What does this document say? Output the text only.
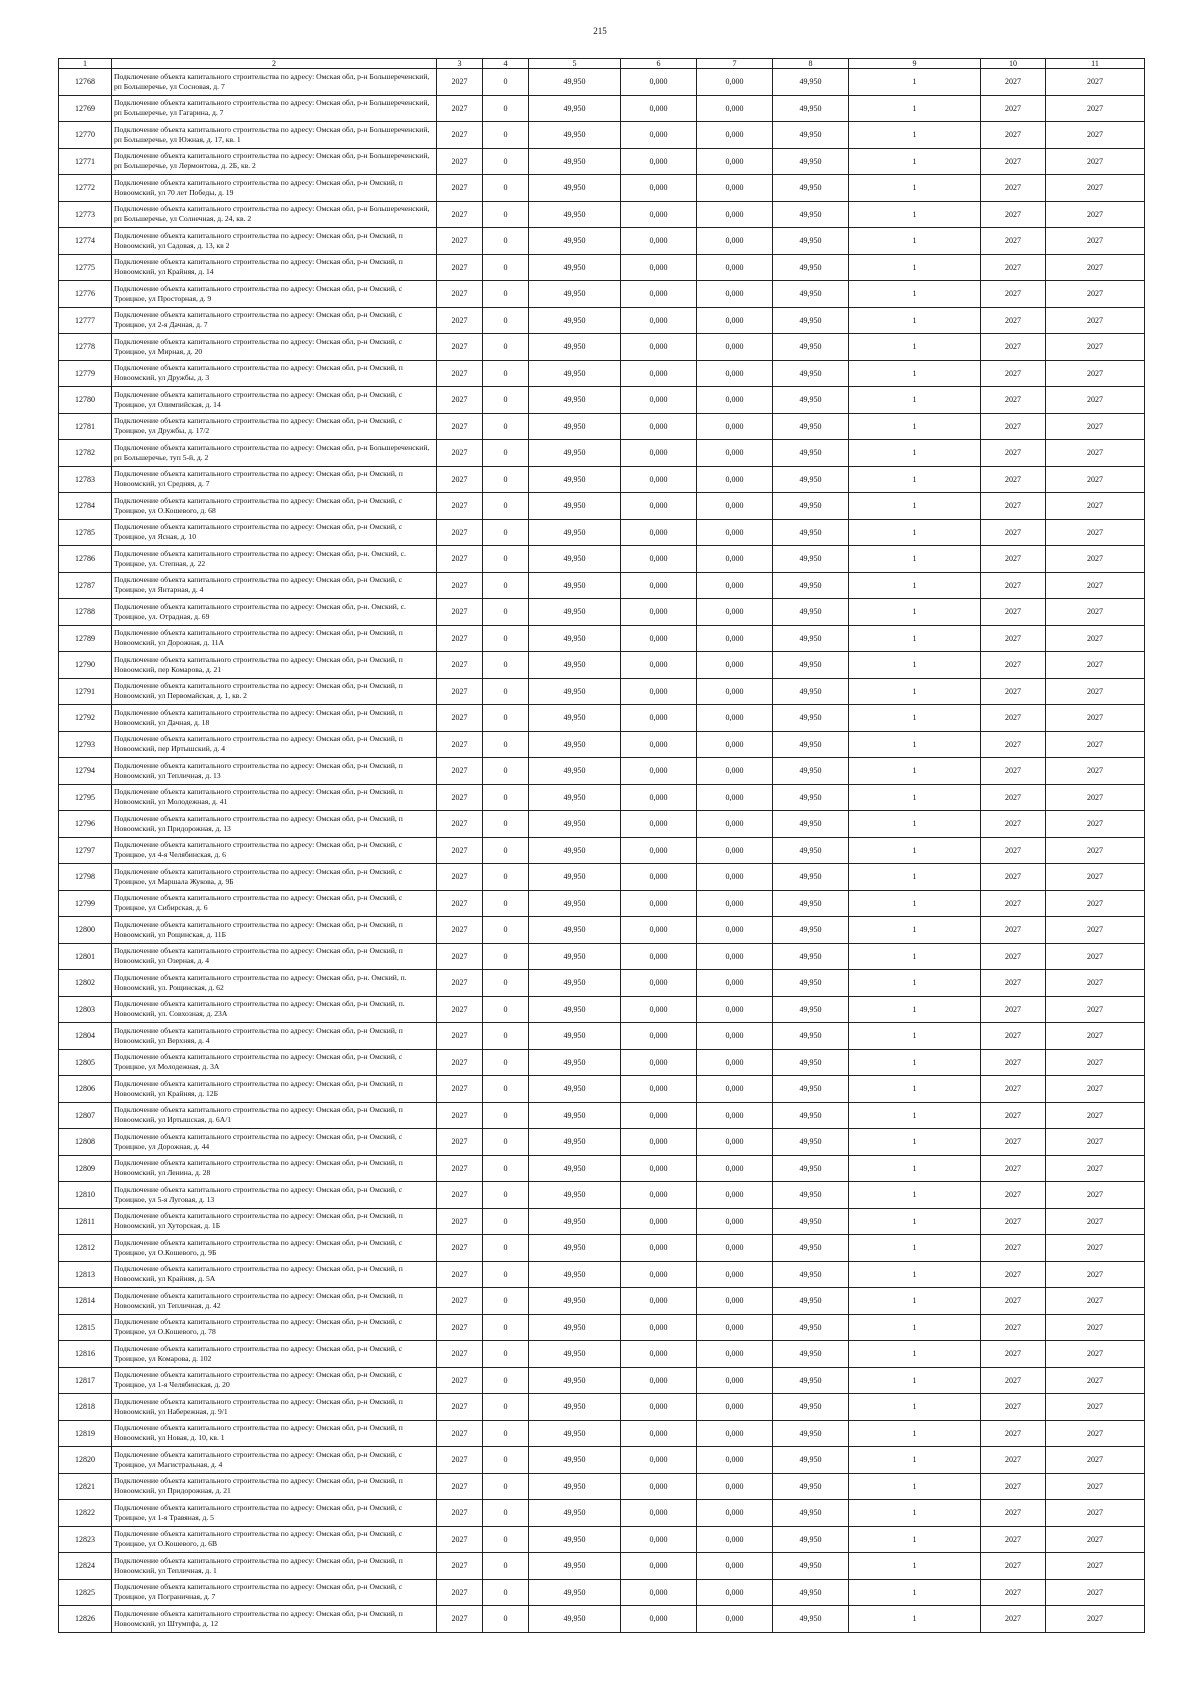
215
1	2	3	4	5	6	7	8	9	10	11
12768	Подключение объекта капитального строительства по адресу: Омская обл, р-н Большереченский, рп Большеречье, ул Сосновая, д. 7	2027	0	49,950	0,000	0,000	49,950	1	2027	2027
12769	Подключение объекта капитального строительства по адресу: Омская обл, р-н Большереченский, рп Большеречье, ул Гагарина, д. 7	2027	0	49,950	0,000	0,000	49,950	1	2027	2027
12770	Подключение объекта капитального строительства по адресу: Омская обл, р-н Большереченский, рп Большеречье, ул Южная, д. 17, кв. 1	2027	0	49,950	0,000	0,000	49,950	1	2027	2027
12771	Подключение объекта капитального строительства по адресу: Омская обл, р-н Большереченский, рп Большеречье, ул Лермонтова, д. 2Б, кв. 2	2027	0	49,950	0,000	0,000	49,950	1	2027	2027
12772	Подключение объекта капитального строительства по адресу: Омская обл, р-н Омский, п Новоомский, ул 70 лет Победы, д. 19	2027	0	49,950	0,000	0,000	49,950	1	2027	2027
12773	Подключение объекта капитального строительства по адресу: Омская обл, р-н Большереченский, рп Большеречье, ул Солнечная, д. 24, кв. 2	2027	0	49,950	0,000	0,000	49,950	1	2027	2027
12774	Подключение объекта капитального строительства по адресу: Омская обл, р-н Омский, п Новоомский, ул Садовая, д. 13, кв 2	2027	0	49,950	0,000	0,000	49,950	1	2027	2027
12775	Подключение объекта капитального строительства по адресу: Омская обл, р-н Омский, п Новоомский, ул Крайняя, д. 14	2027	0	49,950	0,000	0,000	49,950	1	2027	2027
12776	Подключение объекта капитального строительства по адресу: Омская обл, р-н Омский, с Троицкое, ул Просторная, д. 9	2027	0	49,950	0,000	0,000	49,950	1	2027	2027
12777	Подключение объекта капитального строительства по адресу: Омская обл, р-н Омский, с Троицкое, ул 2-я Дачная, д. 7	2027	0	49,950	0,000	0,000	49,950	1	2027	2027
12778	Подключение объекта капитального строительства по адресу: Омская обл, р-н Омский, с Троицкое, ул Мирная, д. 20	2027	0	49,950	0,000	0,000	49,950	1	2027	2027
12779	Подключение объекта капитального строительства по адресу: Омская обл, р-н Омский, п Новоомский, ул Дружбы, д. 3	2027	0	49,950	0,000	0,000	49,950	1	2027	2027
12780	Подключение объекта капитального строительства по адресу: Омская обл, р-н Омский, с Троицкое, ул Олимпийская, д. 14	2027	0	49,950	0,000	0,000	49,950	1	2027	2027
12781	Подключение объекта капитального строительства по адресу: Омская обл, р-н Омский, с Троицкое, ул Дружбы, д. 17/2	2027	0	49,950	0,000	0,000	49,950	1	2027	2027
12782	Подключение объекта капитального строительства по адресу: Омская обл, р-н Большереченский, рп Большеречье, туп 5-й, д. 2	2027	0	49,950	0,000	0,000	49,950	1	2027	2027
12783	Подключение объекта капитального строительства по адресу: Омская обл, р-н Омский, п Новоомский, ул Средняя, д. 7	2027	0	49,950	0,000	0,000	49,950	1	2027	2027
12784	Подключение объекта капитального строительства по адресу: Омская обл, р-н Омский, с Троицкое, ул О.Кошевого, д. 68	2027	0	49,950	0,000	0,000	49,950	1	2027	2027
12785	Подключение объекта капитального строительства по адресу: Омская обл, р-н Омский, с Троицкое, ул Ясная, д. 10	2027	0	49,950	0,000	0,000	49,950	1	2027	2027
12786	Подключение объекта капитального строительства по адресу: Омская обл, р-н. Омский, с. Троицкое, ул. Степная, д. 22	2027	0	49,950	0,000	0,000	49,950	1	2027	2027
12787	Подключение объекта капитального строительства по адресу: Омская обл, р-н Омский, с Троицкое, ул Янтарная, д. 4	2027	0	49,950	0,000	0,000	49,950	1	2027	2027
12788	Подключение объекта капитального строительства по адресу: Омская обл, р-н. Омский, с. Троицкое, ул. Отрадная, д. 69	2027	0	49,950	0,000	0,000	49,950	1	2027	2027
12789	Подключение объекта капитального строительства по адресу: Омская обл, р-н Омский, п Новоомский, ул Дорожная, д. 11А	2027	0	49,950	0,000	0,000	49,950	1	2027	2027
12790	Подключение объекта капитального строительства по адресу: Омская обл, р-н Омский, п Новоомский, пер Комарова, д. 21	2027	0	49,950	0,000	0,000	49,950	1	2027	2027
12791	Подключение объекта капитального строительства по адресу: Омская обл, р-н Омский, п Новоомский, ул Первомайская, д. 1, кв. 2	2027	0	49,950	0,000	0,000	49,950	1	2027	2027
12792	Подключение объекта капитального строительства по адресу: Омская обл, р-н Омский, п Новоомский, ул Дачная, д. 18	2027	0	49,950	0,000	0,000	49,950	1	2027	2027
12793	Подключение объекта капитального строительства по адресу: Омская обл, р-н Омский, п Новоомский, пер Иртышский, д. 4	2027	0	49,950	0,000	0,000	49,950	1	2027	2027
12794	Подключение объекта капитального строительства по адресу: Омская обл, р-н Омский, п Новоомский, ул Тепличная, д. 13	2027	0	49,950	0,000	0,000	49,950	1	2027	2027
12795	Подключение объекта капитального строительства по адресу: Омская обл, р-н Омский, п Новоомский, ул Молодежная, д. 41	2027	0	49,950	0,000	0,000	49,950	1	2027	2027
12796	Подключение объекта капитального строительства по адресу: Омская обл, р-н Омский, п Новоомский, ул Придорожная, д. 13	2027	0	49,950	0,000	0,000	49,950	1	2027	2027
12797	Подключение объекта капитального строительства по адресу: Омская обл, р-н Омский, с Троицкое, ул 4-я Челябинская, д. 6	2027	0	49,950	0,000	0,000	49,950	1	2027	2027
12798	Подключение объекта капитального строительства по адресу: Омская обл, р-н Омский, с Троицкое, ул Маршала Жукова, д. 9Б	2027	0	49,950	0,000	0,000	49,950	1	2027	2027
12799	Подключение объекта капитального строительства по адресу: Омская обл, р-н Омский, с Троицкое, ул Сибирская, д. 6	2027	0	49,950	0,000	0,000	49,950	1	2027	2027
12800	Подключение объекта капитального строительства по адресу: Омская обл, р-н Омский, п Новоомский, ул Рощинская, д. 11Б	2027	0	49,950	0,000	0,000	49,950	1	2027	2027
12801	Подключение объекта капитального строительства по адресу: Омская обл, р-н Омский, п Новоомский, ул Озерная, д. 4	2027	0	49,950	0,000	0,000	49,950	1	2027	2027
12802	Подключение объекта капитального строительства по адресу: Омская обл, р-н. Омский, п. Новоомский, ул. Рощинская, д. 62	2027	0	49,950	0,000	0,000	49,950	1	2027	2027
12803	Подключение объекта капитального строительства по адресу: Омская обл, р-н Омский, п. Новоомский, ул. Совхозная, д. 23А	2027	0	49,950	0,000	0,000	49,950	1	2027	2027
12804	Подключение объекта капитального строительства по адресу: Омская обл, р-н Омский, п Новоомский, ул Верхняя, д. 4	2027	0	49,950	0,000	0,000	49,950	1	2027	2027
12805	Подключение объекта капитального строительства по адресу: Омская обл, р-н Омский, с Троицкое, ул Молодежная, д. 3А	2027	0	49,950	0,000	0,000	49,950	1	2027	2027
12806	Подключение объекта капитального строительства по адресу: Омская обл, р-н Омский, п Новоомский, ул Крайняя, д. 12Б	2027	0	49,950	0,000	0,000	49,950	1	2027	2027
12807	Подключение объекта капитального строительства по адресу: Омская обл, р-н Омский, п Новоомский, ул Иртышская, д. 6А/1	2027	0	49,950	0,000	0,000	49,950	1	2027	2027
12808	Подключение объекта капитального строительства по адресу: Омская обл, р-н Омский, с Троицкое, ул Дорожная, д. 44	2027	0	49,950	0,000	0,000	49,950	1	2027	2027
12809	Подключение объекта капитального строительства по адресу: Омская обл, р-н Омский, п Новоомский, ул Ленина, д. 28	2027	0	49,950	0,000	0,000	49,950	1	2027	2027
12810	Подключение объекта капитального строительства по адресу: Омская обл, р-н Омский, с Троицкое, ул 5-я Луговая, д. 13	2027	0	49,950	0,000	0,000	49,950	1	2027	2027
12811	Подключение объекта капитального строительства по адресу: Омская обл, р-н Омский, п Новоомский, ул Хуторская, д. 1Б	2027	0	49,950	0,000	0,000	49,950	1	2027	2027
12812	Подключение объекта капитального строительства по адресу: Омская обл, р-н Омский, с Троицкое, ул О.Кошевого, д. 9Б	2027	0	49,950	0,000	0,000	49,950	1	2027	2027
12813	Подключение объекта капитального строительства по адресу: Омская обл, р-н Омский, п Новоомский, ул Крайняя, д. 5А	2027	0	49,950	0,000	0,000	49,950	1	2027	2027
12814	Подключение объекта капитального строительства по адресу: Омская обл, р-н Омский, п Новоомский, ул Тепличная, д. 42	2027	0	49,950	0,000	0,000	49,950	1	2027	2027
12815	Подключение объекта капитального строительства по адресу: Омская обл, р-н Омский, с Троицкое, ул О.Кошевого, д. 78	2027	0	49,950	0,000	0,000	49,950	1	2027	2027
12816	Подключение объекта капитального строительства по адресу: Омская обл, р-н Омский, с Троицкое, ул Комарова, д. 102	2027	0	49,950	0,000	0,000	49,950	1	2027	2027
12817	Подключение объекта капитального строительства по адресу: Омская обл, р-н Омский, с Троицкое, ул 1-я Челябинская, д. 20	2027	0	49,950	0,000	0,000	49,950	1	2027	2027
12818	Подключение объекта капитального строительства по адресу: Омская обл, р-н Омский, п Новоомский, ул Набережная, д. 9/1	2027	0	49,950	0,000	0,000	49,950	1	2027	2027
12819	Подключение объекта капитального строительства по адресу: Омская обл, р-н Омский, п Новоомский, ул Новая, д. 10, кв. 1	2027	0	49,950	0,000	0,000	49,950	1	2027	2027
12820	Подключение объекта капитального строительства по адресу: Омская обл, р-н Омский, с Троицкое, ул Магистральная, д. 4	2027	0	49,950	0,000	0,000	49,950	1	2027	2027
12821	Подключение объекта капитального строительства по адресу: Омская обл, р-н Омский, п Новоомский, ул Придорожная, д. 21	2027	0	49,950	0,000	0,000	49,950	1	2027	2027
12822	Подключение объекта капитального строительства по адресу: Омская обл, р-н Омский, с Троицкое, ул 1-я Травяная, д. 5	2027	0	49,950	0,000	0,000	49,950	1	2027	2027
12823	Подключение объекта капитального строительства по адресу: Омская обл, р-н Омский, с Троицкое, ул О.Кошевого, д. 6В	2027	0	49,950	0,000	0,000	49,950	1	2027	2027
12824	Подключение объекта капитального строительства по адресу: Омская обл, р-н Омский, п Новоомский, ул Тепличная, д. 1	2027	0	49,950	0,000	0,000	49,950	1	2027	2027
12825	Подключение объекта капитального строительства по адресу: Омская обл, р-н Омский, с Троицкое, ул Пограничная, д. 7	2027	0	49,950	0,000	0,000	49,950	1	2027	2027
12826	Подключение объекта капитального строительства по адресу: Омская обл, р-н Омский, п Новоомский, ул Штумпфа, д. 12	2027	0	49,950	0,000	0,000	49,950	1	2027	2027
